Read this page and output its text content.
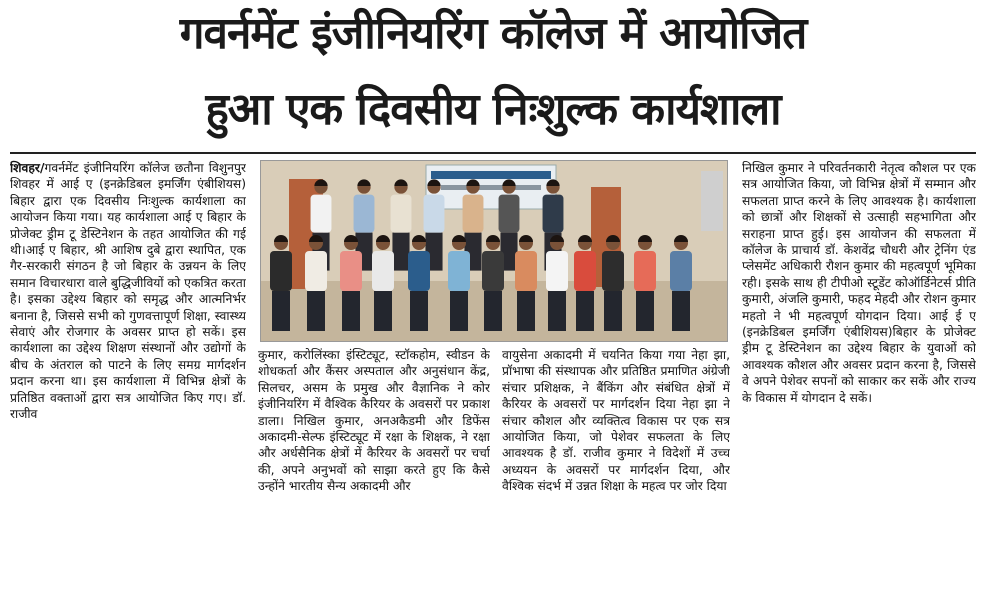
गवर्नमेंट इंजीनियरिंग कॉलेज में आयोजित
हुआ एक दिवसीय निःशुल्क कार्यशाला

शिवहर/गवर्नमेंट इंजीनियरिंग कॉलेज छतौना विशुनपुर शिवहर में आई ए (इनक्रेडिबल इमर्जिंग एंबीशियस) बिहार द्वारा एक दिवसीय निःशुल्क कार्यशाला का आयोजन किया गया। यह कार्यशाला आई ए बिहार के प्रोजेक्ट ड्रीम टू डेस्टिनेशन के तहत आयोजित की गई थी।आई ए बिहार, श्री आशिष दुबे द्वारा स्थापित, एक गैर-सरकारी संगठन है जो बिहार के उन्नयन के लिए समान विचारधारा वाले बुद्धिजीवियों को एकत्रित करता है। इसका उद्देश्य बिहार को समृद्ध और आत्मनिर्भर बनाना है, जिससे सभी को गुणवत्तापूर्ण शिक्षा, स्वास्थ्य सेवाएं और रोजगार के अवसर प्राप्त हो सकें। इस कार्यशाला का उद्देश्य शिक्षण संस्थानों और उद्योगों के बीच के अंतराल को पाटने के लिए समग्र मार्गदर्शन प्रदान करना था। इस कार्यशाला में विभिन्न क्षेत्रों के प्रतिष्ठित वक्ताओं द्वारा सत्र आयोजित किए गए। डॉ. राजीव

कुमार, करोलिंस्का इंस्टिट्यूट, स्टॉकहोम, स्वीडन के शोधकर्ता और कैंसर अस्पताल और अनुसंधान केंद्र, सिलचर, असम के प्रमुख और वैज्ञानिक ने कोर इंजीनियरिंग में वैश्विक कैरियर के अवसरों पर प्रकाश डाला। निखिल कुमार, अनअकैडमी और डिफेंस अकादमी-सेल्फ इंस्टिट्यूट में रक्षा के शिक्षक, ने रक्षा और अर्धसैनिक क्षेत्रों में कैरियर के अवसरों पर चर्चा की, अपने अनुभवों को साझा करते हुए कि कैसे उन्होंने भारतीय सैन्य अकादमी और

वायुसेना अकादमी में चयनित किया गया नेहा झा, प्रॉभाषा की संस्थापक और प्रतिष्ठित प्रमाणित अंग्रेजी संचार प्रशिक्षक, ने बैंकिंग और संबंधित क्षेत्रों में कैरियर के अवसरों पर मार्गदर्शन दिया नेहा झा ने संचार कौशल और व्यक्तित्व विकास पर एक सत्र आयोजित किया, जो पेशेवर सफलता के लिए आवश्यक है डॉ. राजीव कुमार ने विदेशों में उच्च अध्ययन के अवसरों पर मार्गदर्शन दिया, और वैश्विक संदर्भ में उन्नत शिक्षा के महत्व पर जोर दिया

निखिल कुमार ने परिवर्तनकारी नेतृत्व कौशल पर एक सत्र आयोजित किया, जो विभिन्न क्षेत्रों में सम्मान और सफलता प्राप्त करने के लिए आवश्यक है। कार्यशाला को छात्रों और शिक्षकों से उत्साही सहभागिता और सराहना प्राप्त हुई। इस आयोजन की सफलता में कॉलेज के प्राचार्य डॉ. केशवेंद्र चौधरी और ट्रेनिंग एंड प्लेसमेंट अधिकारी रौशन कुमार की महत्वपूर्ण भूमिका रही। इसके साथ ही टीपीओ स्टूडेंट कोऑर्डिनेटर्स प्रीति कुमारी, अंजलि कुमारी, फहद मेहदी और रोशन कुमार महतो ने भी महत्वपूर्ण योगदान दिया। आई ई ए (इनक्रेडिबल इमर्जिंग एंबीशियस)बिहार के प्रोजेक्ट ड्रीम टू डेस्टिनेशन का उद्देश्य बिहार के युवाओं को आवश्यक कौशल और अवसर प्रदान करना है, जिससे वे अपने पेशेवर सपनों को साकार कर सकें और राज्य के विकास में योगदान दे सकें।
